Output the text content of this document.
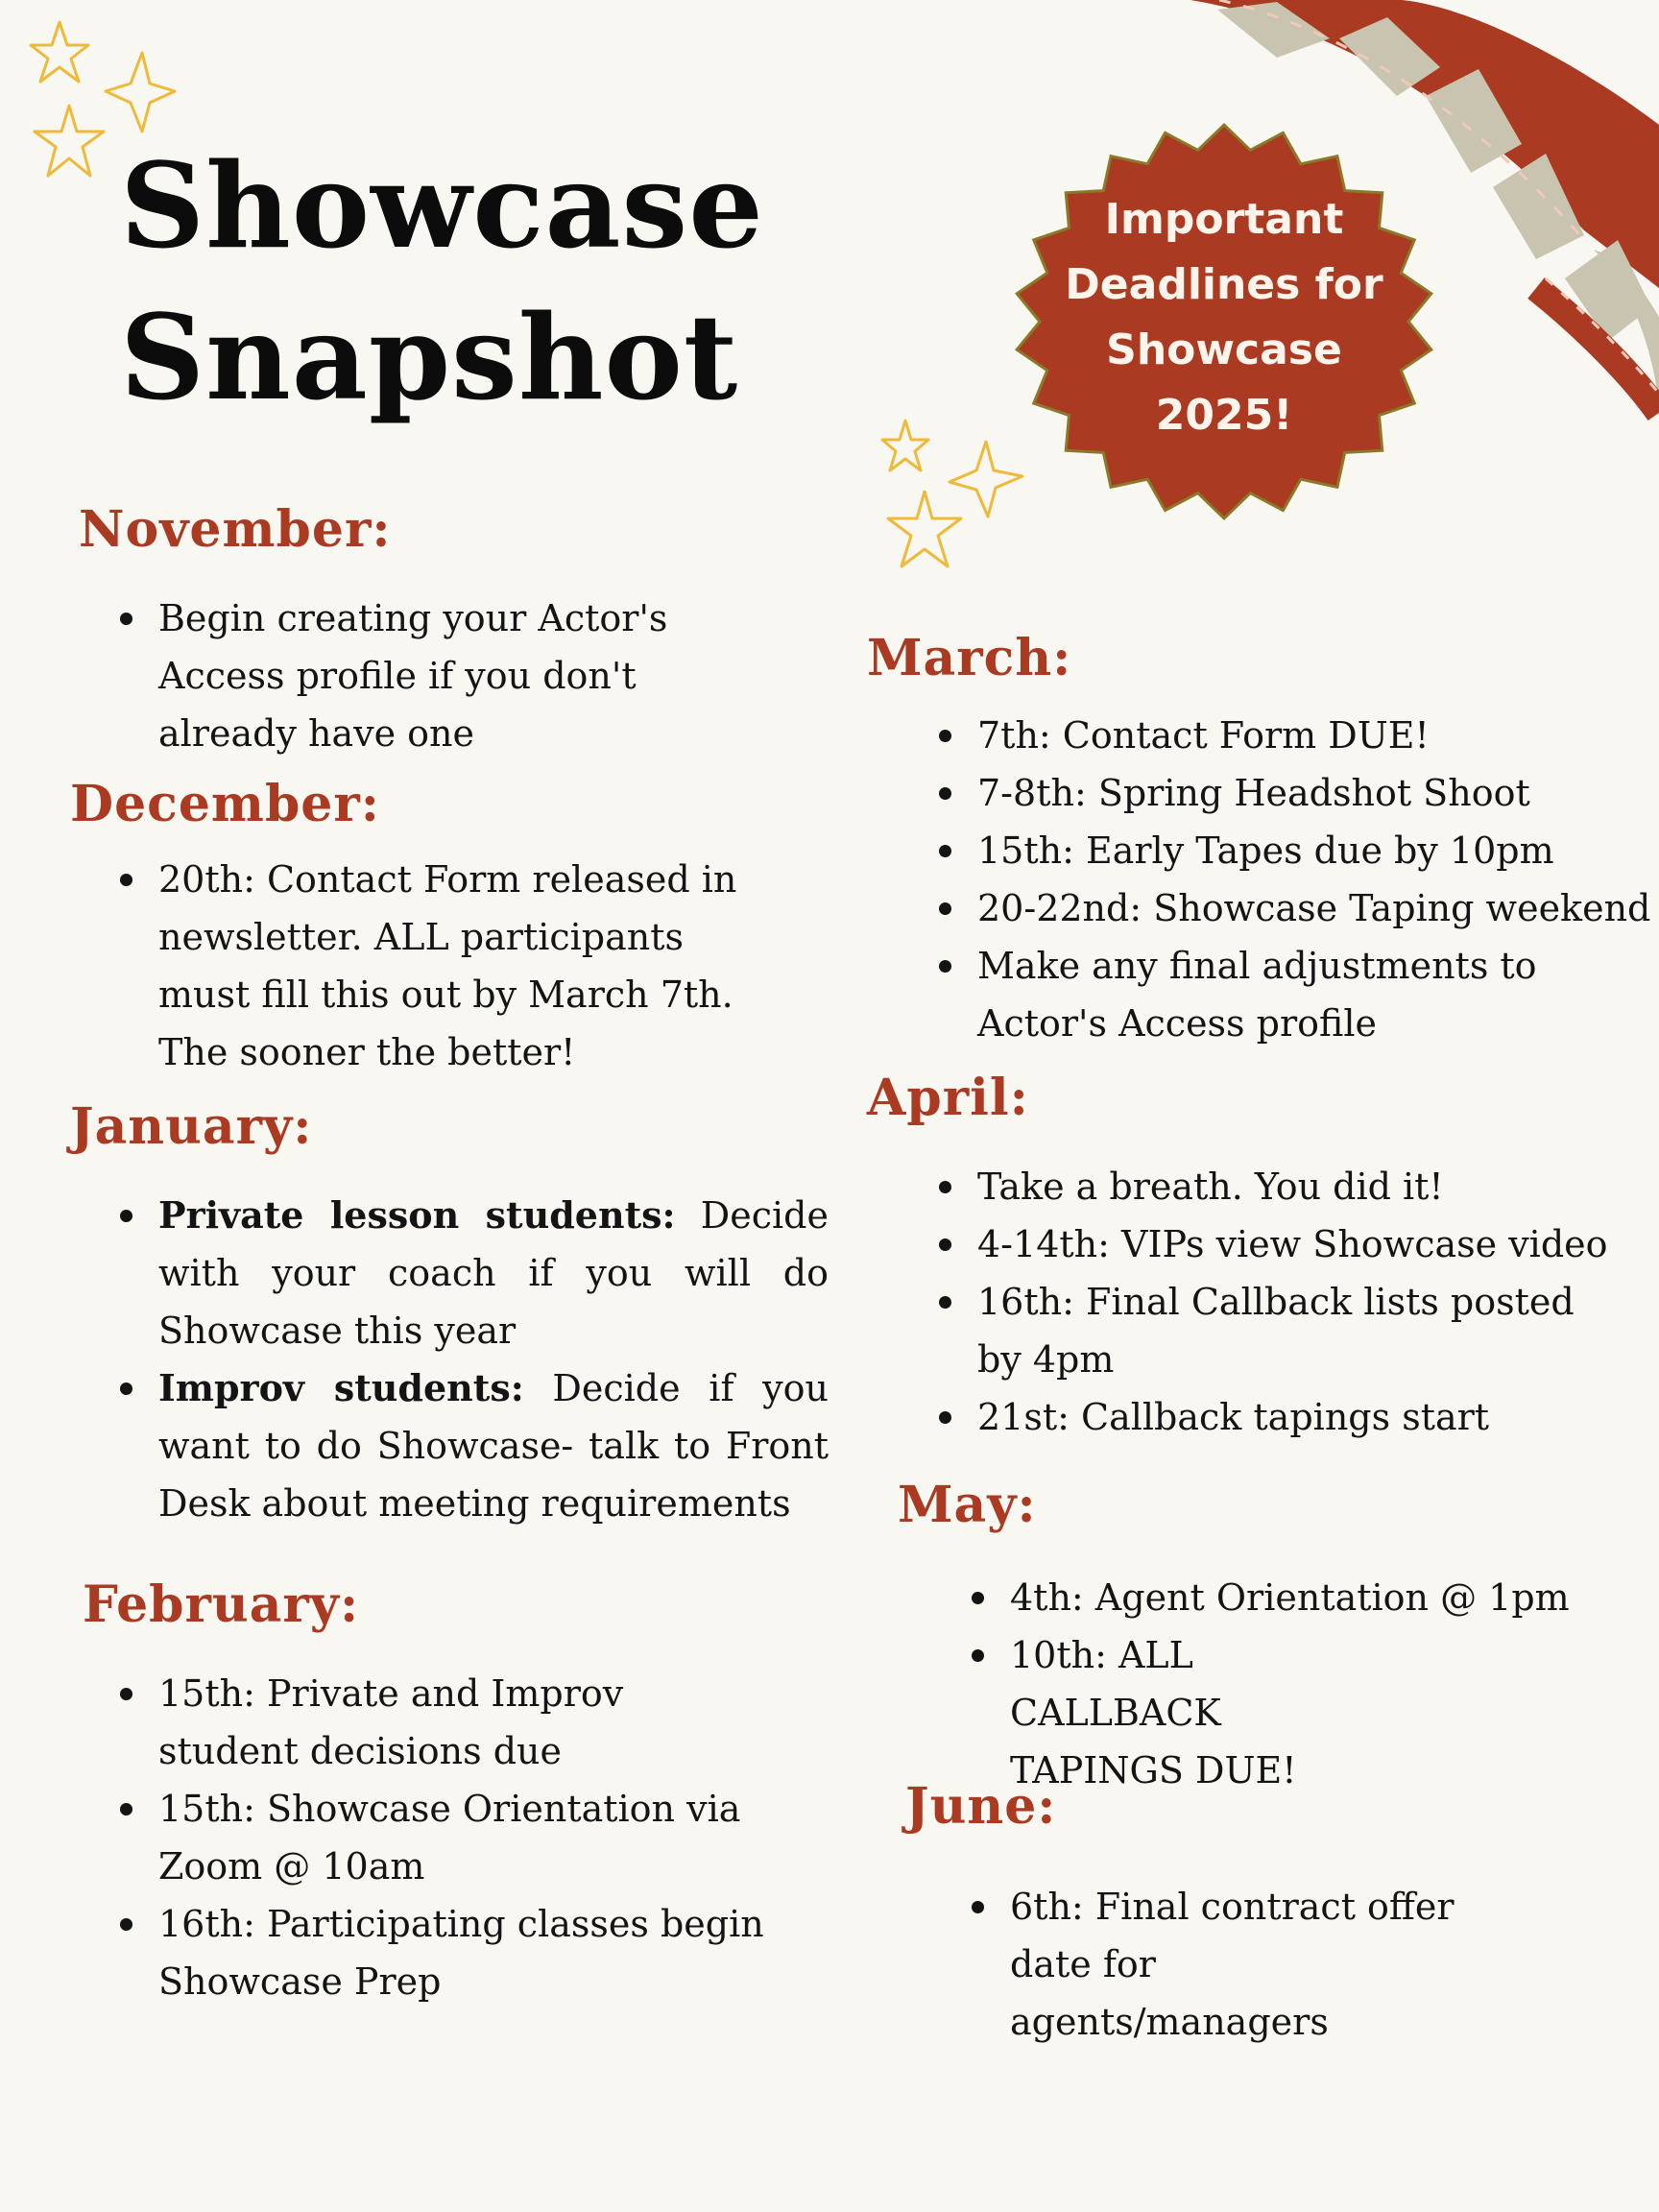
Important
Deadlines for
Showcase
2025!
Showcase
Snapshot
November:
Begin creating your Actor's Access profile if you don't already have one
December:
20th: Contact Form released in newsletter. ALL participants must fill this out by March 7th. The sooner the better!
January:
Private lesson students: Decide with your coach if you will do Showcase this year
Improv students: Decide if you want to do Showcase- talk to Front Desk about meeting requirements
February:
15th: Private and Improv student decisions due
15th: Showcase Orientation via Zoom @ 10am
16th: Participating classes begin Showcase Prep
March:
7th: Contact Form DUE!
7-8th: Spring Headshot Shoot
15th: Early Tapes due by 10pm
20-22nd: Showcase Taping weekend
Make any final adjustments to Actor's Access profile
April:
Take a breath. You did it!
4-14th: VIPs view Showcase video
16th: Final Callback lists posted by 4pm
21st: Callback tapings start
May:
4th: Agent Orientation @ 1pm
10th: ALL CALLBACK TAPINGS DUE!
June:
6th: Final contract offer date for agents/managers
